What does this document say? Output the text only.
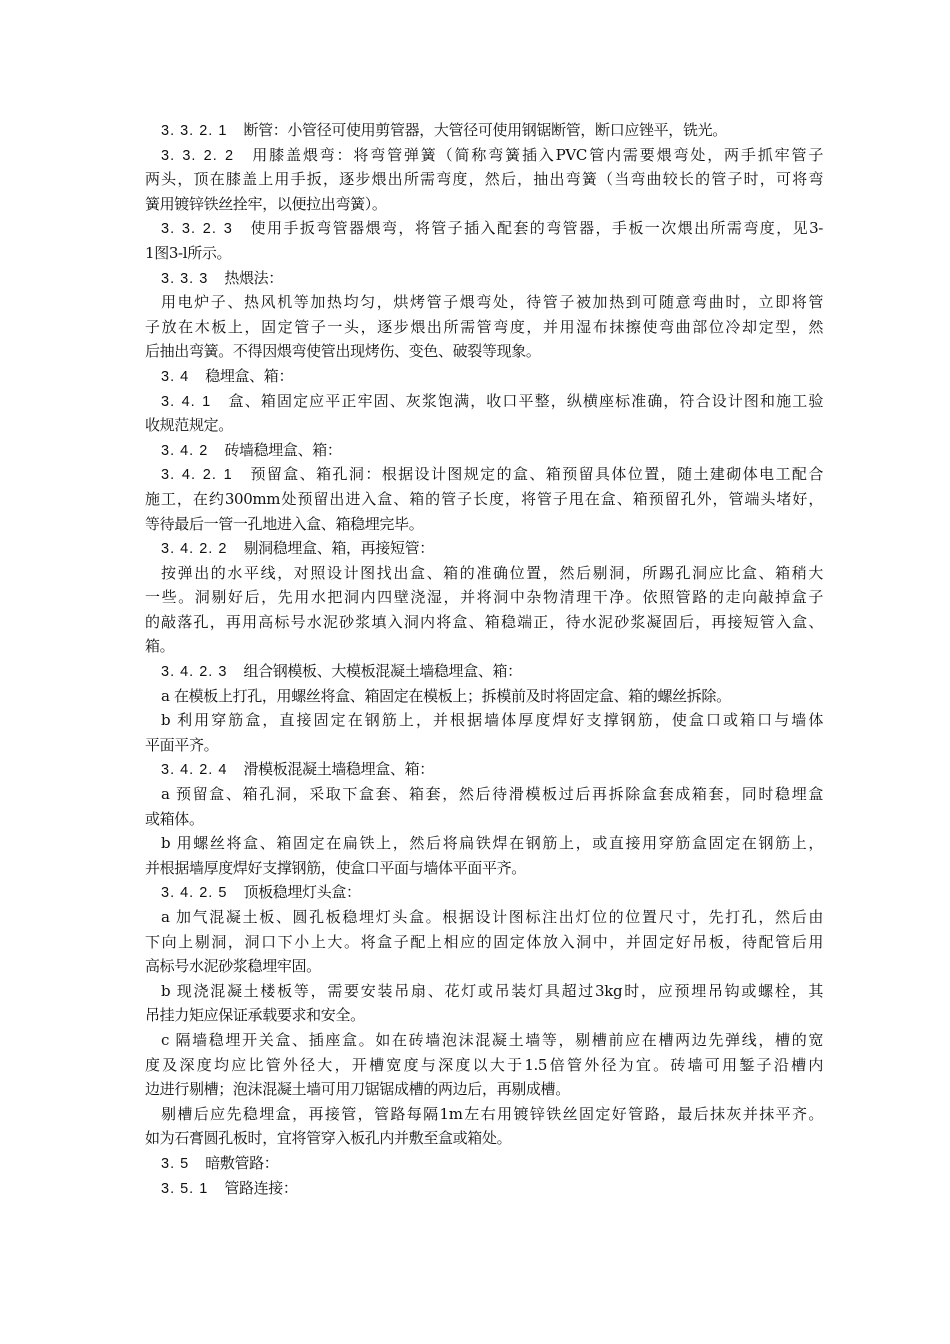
3. 3. 2. 1 断管：小管径可使用剪管器，大管径可使用钢锯断管，断口应锉平，铣光。
3. 3. 2. 2 用膝盖煨弯：将弯管弹簧（简称弯簧插入PVC管内需要煨弯处，两手抓牢管子
两头，顶在膝盖上用手扳，逐步煨出所需弯度，然后，抽出弯簧（当弯曲较长的管子时，可将弯
簧用镀锌铁丝拴牢，以便拉出弯簧）。
3. 3. 2. 3 使用手扳弯管器煨弯，将管子插入配套的弯管器，手板一次煨出所需弯度，见3-
1图3-l所示。
3. 3. 3 热煨法：
用电炉子、热风机等加热均匀，烘烤管子煨弯处，待管子被加热到可随意弯曲时，立即将管
子放在木板上，固定管子一头，逐步煨出所需管弯度，并用湿布抹擦使弯曲部位冷却定型，然
后抽出弯簧。不得因煨弯使管出现烤伤、变色、破裂等现象。
3. 4 稳埋盒、箱：
3. 4. 1 盒、箱固定应平正牢固、灰浆饱满，收口平整，纵横座标准确，符合设计图和施工验
收规范规定。
3. 4. 2 砖墙稳埋盒、箱：
3. 4. 2. 1 预留盒、箱孔洞：根据设计图规定的盒、箱预留具体位置，随土建砌体电工配合
施工，在约300mm处预留出进入盒、箱的管子长度，将管子甩在盒、箱预留孔外，管端头堵好，
等待最后一管一孔地进入盒、箱稳埋完毕。
3. 4. 2. 2 剔洞稳埋盒、箱，再接短管：
按弹出的水平线，对照设计图找出盒、箱的准确位置，然后剔洞，所踢孔洞应比盒、箱稍大
一些。洞剔好后，先用水把洞内四壁浇湿，并将洞中杂物清理干净。依照管路的走向敲掉盒子
的敲落孔，再用高标号水泥砂浆填入洞内将盒、箱稳端正，待水泥砂浆凝固后，再接短管入盒、
箱。
3. 4. 2. 3 组合钢模板、大模板混凝土墙稳埋盒、箱：
a 在模板上打孔，用螺丝将盒、箱固定在模板上；拆模前及时将固定盒、箱的螺丝拆除。
b 利用穿筋盒，直接固定在钢筋上，并根据墙体厚度焊好支撑钢筋，使盒口或箱口与墙体
平面平齐。
3. 4. 2. 4 滑模板混凝土墙稳埋盒、箱：
a 预留盒、箱孔洞，采取下盒套、箱套，然后待滑模板过后再拆除盒套成箱套，同时稳埋盒
或箱体。
b 用螺丝将盒、箱固定在扁铁上，然后将扁铁焊在钢筋上，或直接用穿筋盒固定在钢筋上，
并根据墙厚度焊好支撑钢筋，使盒口平面与墙体平面平齐。
3. 4. 2. 5 顶板稳埋灯头盒：
a 加气混凝土板、圆孔板稳埋灯头盒。根据设计图标注出灯位的位置尺寸，先打孔，然后由
下向上剔洞，洞口下小上大。将盒子配上相应的固定体放入洞中，并固定好吊板，待配管后用
高标号水泥砂浆稳埋牢固。
b 现浇混凝土楼板等，需要安装吊扇、花灯或吊装灯具超过3kg时，应预埋吊钩或螺栓，其
吊挂力矩应保证承载要求和安全。
c 隔墙稳埋开关盒、插座盒。如在砖墙泡沫混凝土墙等，剔槽前应在槽两边先弹线，槽的宽
度及深度均应比管外径大，开槽宽度与深度以大于1.5倍管外径为宜。砖墙可用錾子沿槽内
边进行剔槽；泡沫混凝土墙可用刀锯锯成槽的两边后，再剔成槽。
剔槽后应先稳埋盒，再接管，管路每隔1m左右用镀锌铁丝固定好管路，最后抹灰并抹平齐。
如为石膏圆孔板时，宜将管穿入板孔内并敷至盒或箱处。
3. 5 暗敷管路：
3. 5. 1 管路连接：
